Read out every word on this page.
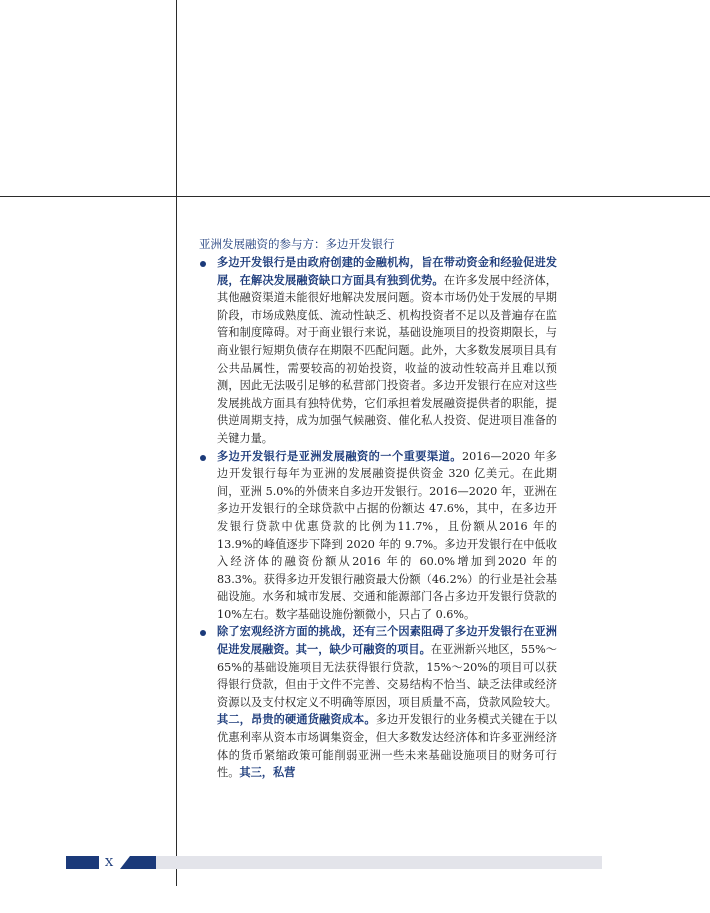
亚洲发展融资的参与方：多边开发银行

多边开发银行是由政府创建的金融机构，旨在带动资金和经验促进发展，在解决发展融资缺口方面具有独到优势。在许多发展中经济体，其他融资渠道未能很好地解决发展问题。资本市场仍处于发展的早期阶段，市场成熟度低、流动性缺乏、机构投资者不足以及普遍存在监管和制度障碍。对于商业银行来说，基础设施项目的投资期限长，与商业银行短期负债存在期限不匹配问题。此外，大多数发展项目具有公共品属性，需要较高的初始投资，收益的波动性较高并且难以预测，因此无法吸引足够的私营部门投资者。多边开发银行在应对这些发展挑战方面具有独特优势，它们承担着发展融资提供者的职能，提供逆周期支持，成为加强气候融资、催化私人投资、促进项目准备的关键力量。

多边开发银行是亚洲发展融资的一个重要渠道。2016—2020 年多边开发银行每年为亚洲的发展融资提供资金 320 亿美元。在此期间，亚洲 5.0%的外债来自多边开发银行。2016—2020 年，亚洲在多边开发银行的全球贷款中占据的份额达 47.6%，其中，在多边开发银行贷款中优惠贷款的比例为11.7%，且份额从2016 年的 13.9%的峰值逐步下降到 2020 年的 9.7%。多边开发银行在中低收入经济体的融资份额从2016 年的 60.0%增加到2020 年的 83.3%。获得多边开发银行融资最大份额（46.2%）的行业是社会基础设施。水务和城市发展、交通和能源部门各占多边开发银行贷款的 10%左右。数字基础设施份额微小，只占了 0.6%。

除了宏观经济方面的挑战，还有三个因素阻碍了多边开发银行在亚洲促进发展融资。其一，缺少可融资的项目。在亚洲新兴地区，55%～65%的基础设施项目无法获得银行贷款，15%～20%的项目可以获得银行贷款，但由于文件不完善、交易结构不恰当、缺乏法律或经济资源以及支付权定义不明确等原因，项目质量不高，贷款风险较大。其二，昂贵的硬通货融资成本。多边开发银行的业务模式关键在于以优惠利率从资本市场调集资金，但大多数发达经济体和许多亚洲经济体的货币紧缩政策可能削弱亚洲一些未来基础设施项目的财务可行性。其三，私营

X
